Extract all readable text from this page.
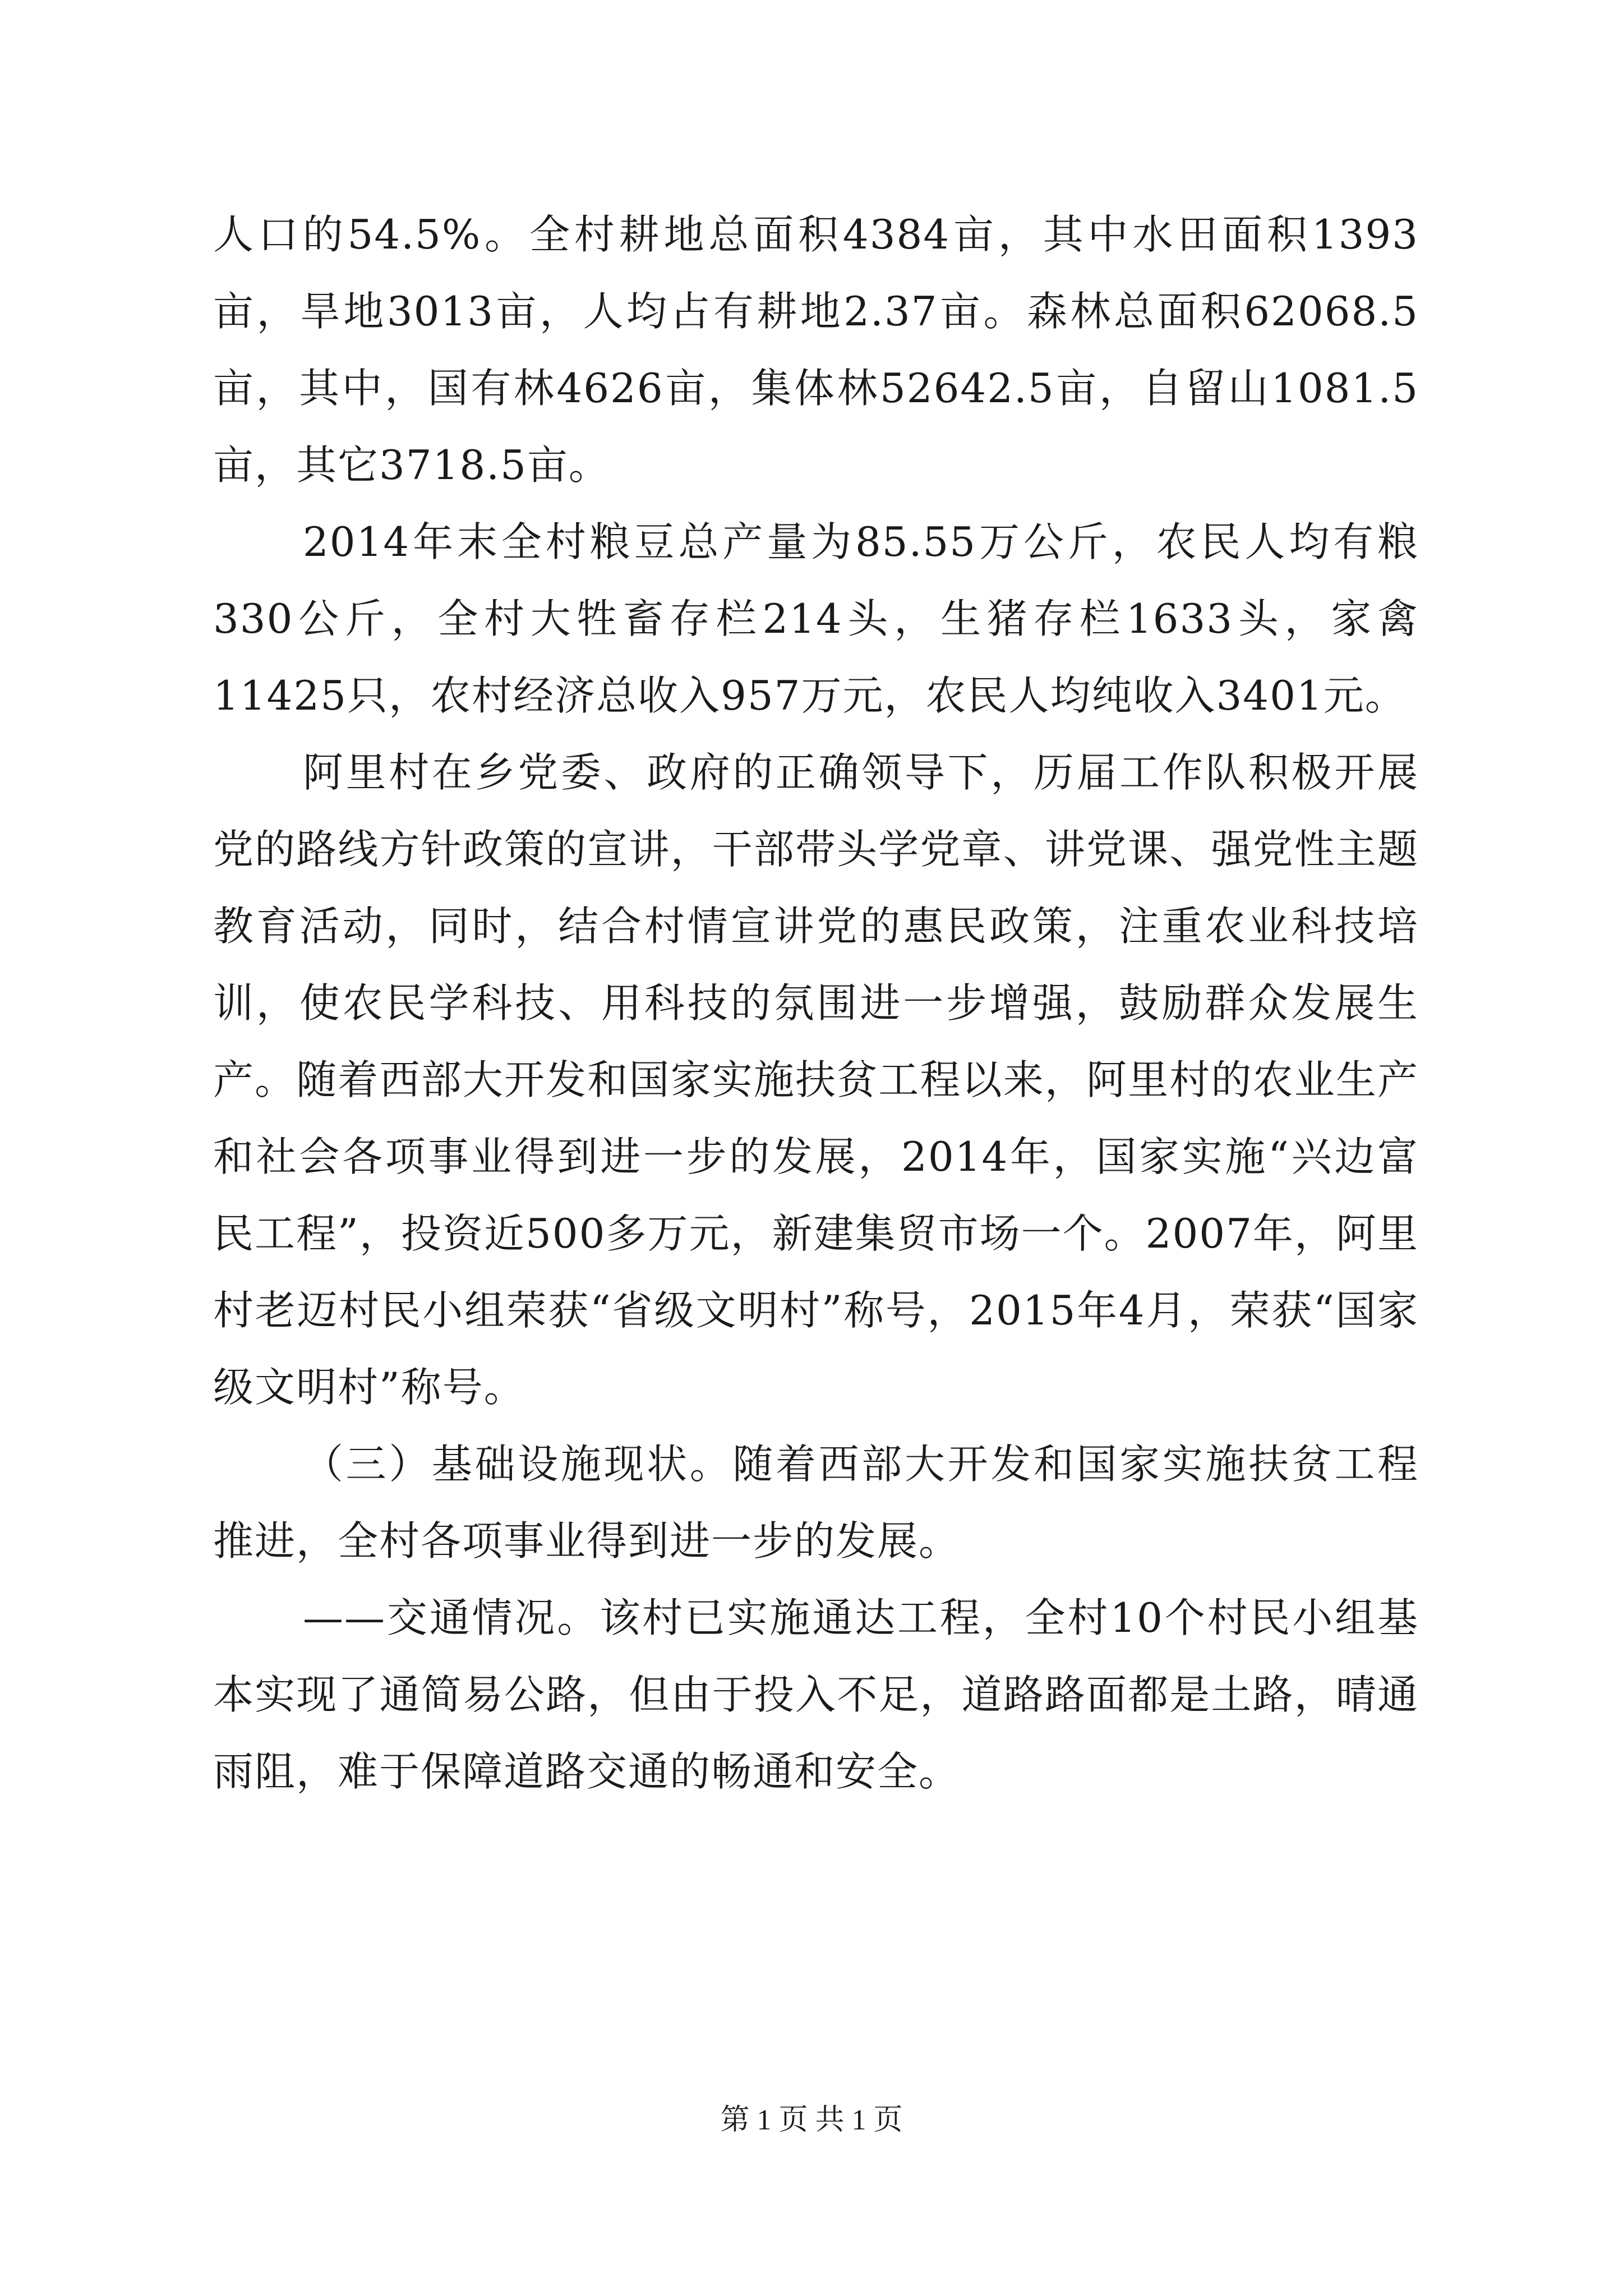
人口的54.5%。全村耕地总面积4384亩，其中水田面积1393亩，旱地3013亩，人均占有耕地2.37亩。森林总面积62068.5亩，其中，国有林4626亩，集体林52642.5亩，自留山1081.5亩，其它3718.5亩。

2014年末全村粮豆总产量为85.55万公斤，农民人均有粮330公斤，全村大牲畜存栏214头，生猪存栏1633头，家禽11425只，农村经济总收入957万元，农民人均纯收入3401元。

阿里村在乡党委、政府的正确领导下，历届工作队积极开展党的路线方针政策的宣讲，干部带头学党章、讲党课、强党性主题教育活动，同时，结合村情宣讲党的惠民政策，注重农业科技培训，使农民学科技、用科技的氛围进一步增强，鼓励群众发展生产。随着西部大开发和国家实施扶贫工程以来，阿里村的农业生产和社会各项事业得到进一步的发展，2014年，国家实施“兴边富民工程”，投资近500多万元，新建集贸市场一个。2007年，阿里村老迈村民小组荣获“省级文明村”称号，2015年4月，荣获“国家级文明村”称号。

（三）基础设施现状。随着西部大开发和国家实施扶贫工程推进，全村各项事业得到进一步的发展。

——交通情况。该村已实施通达工程，全村10个村民小组基本实现了通简易公路，但由于投入不足，道路路面都是土路，晴通雨阻，难于保障道路交通的畅通和安全。

第 1 页 共 1 页
